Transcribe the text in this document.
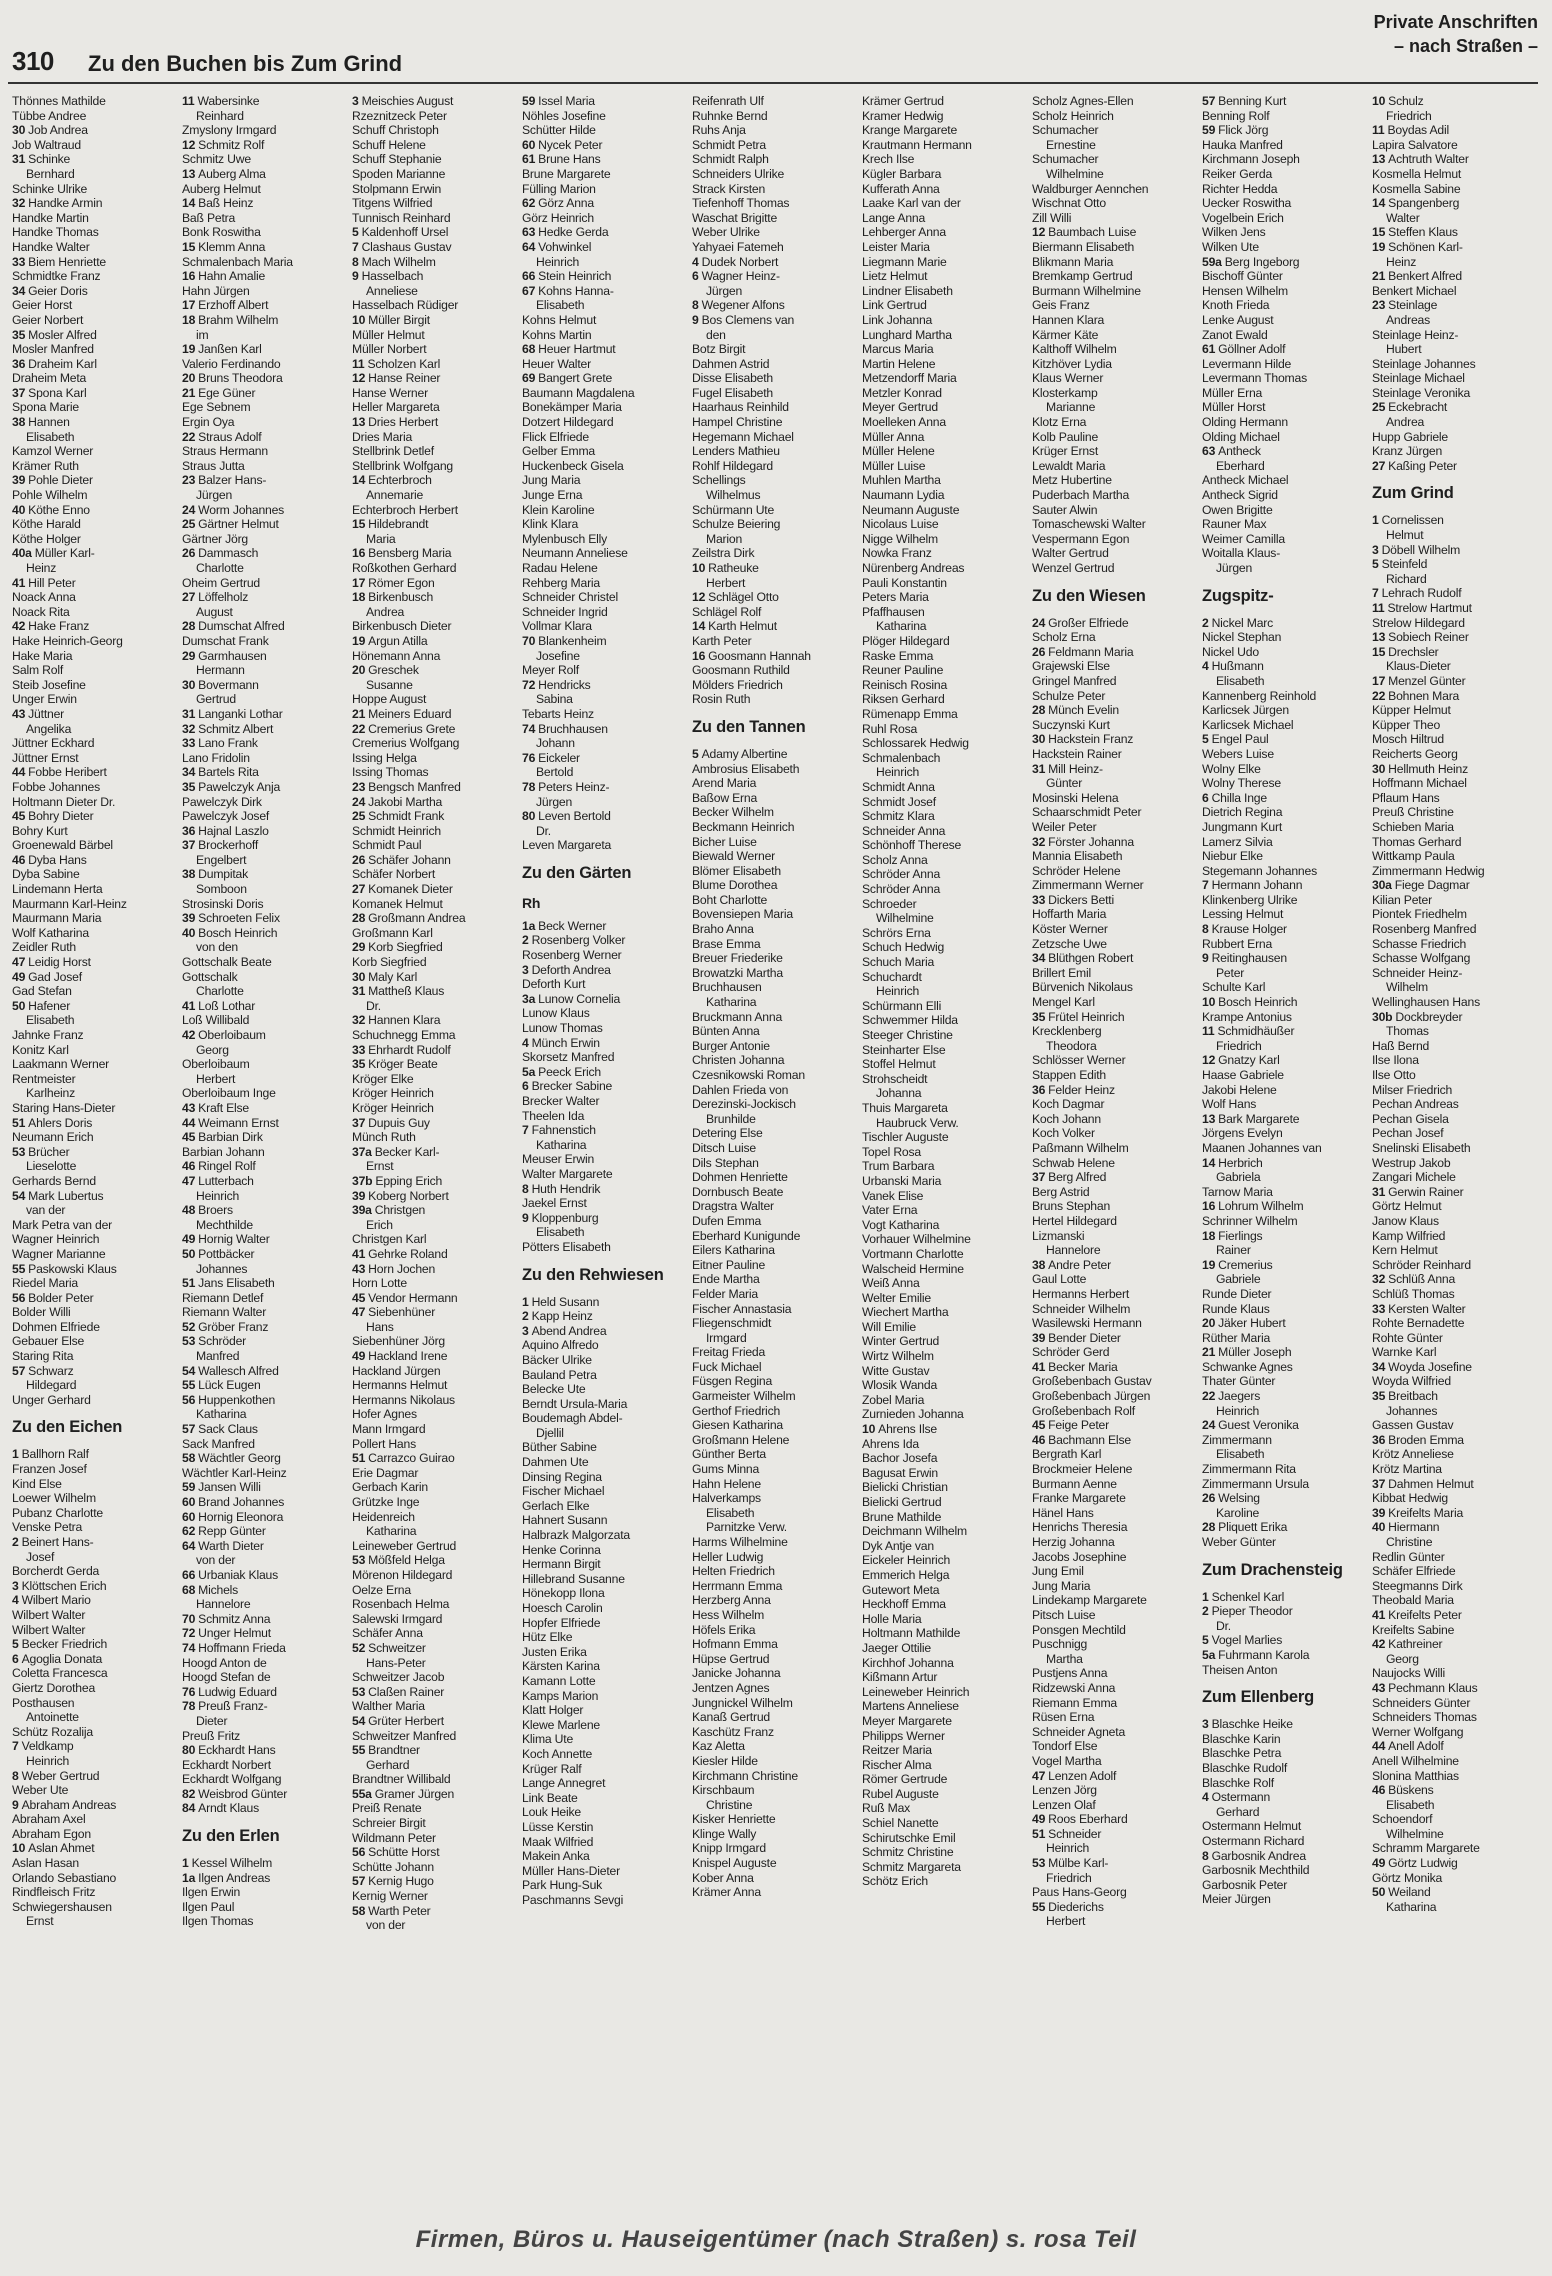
310 Zu den Buchen bis Zum Grind
Private Anschriften
– nach Straßen –
Thönnes Mathilde
Tübbe Andree
30 Job Andrea
Job Waltraud
31 Schinke
Bernhard
Schinke Ulrike
32 Handke Armin
Handke Martin
Handke Thomas
Handke Walter
33 Biem Henriette
Schmidtke Franz
34 Geier Doris
Geier Horst
Geier Norbert
35 Mosler Alfred
Mosler Manfred
36 Draheim Karl
Draheim Meta
37 Spona Karl
Spona Marie
38 Hannen
Elisabeth
Kamzol Werner
Krämer Ruth
39 Pohle Dieter
Pohle Wilhelm
40 Köthe Enno
Köthe Harald
Köthe Holger
40a Müller Karl-
Heinz
41 Hill Peter
Noack Anna
Noack Rita
42 Hake Franz
Hake Heinrich-Georg
Hake Maria
Salm Rolf
Steib Josefine
Unger Erwin
43 Jüttner
Angelika
Jüttner Eckhard
Jüttner Ernst
44 Fobbe Heribert
Fobbe Johannes
Holtmann Dieter Dr.
45 Bohry Dieter
Bohry Kurt
Groenewald Bärbel
46 Dyba Hans
Dyba Sabine
Lindemann Herta
Maurmann Karl-Heinz
Maurmann Maria
Wolf Katharina
Zeidler Ruth
47 Leidig Horst
49 Gad Josef
Gad Stefan
50 Hafener
Elisabeth
Jahnke Franz
Konitz Karl
Laakmann Werner
Rentmeister
Karlheinz
Staring Hans-Dieter
51 Ahlers Doris
Neumann Erich
53 Brücher
Lieselotte
Gerhards Bernd
54 Mark Lubertus
van der
Mark Petra van der
Wagner Heinrich
Wagner Marianne
55 Paskowski Klaus
Riedel Maria
56 Bolder Peter
Bolder Willi
Dohmen Elfriede
Gebauer Else
Staring Rita
57 Schwarz
Hildegard
Unger Gerhard
Zu den Eichen
1 Ballhorn Ralf
Franzen Josef
Kind Else
Loewer Wilhelm
Pubanz Charlotte
Venske Petra
2 Beinert Hans-
Josef
Borcherdt Gerda
3 Klöttschen Erich
4 Wilbert Mario
Wilbert Walter
Wilbert Walter
5 Becker Friedrich
6 Agoglia Donata
Coletta Francesca
Giertz Dorothea
Posthausen
Antoinette
Schütz Rozalija
7 Veldkamp
Heinrich
8 Weber Gertrud
Weber Ute
9 Abraham Andreas
Abraham Axel
Abraham Egon
10 Aslan Ahmet
Aslan Hasan
Orlando Sebastiano
Rindfleisch Fritz
Schwiegershausen
Ernst
11 Wabersinke
Reinhard
Zmyslony Irmgard
12 Schmitz Rolf
Schmitz Uwe
13 Auberg Alma
Auberg Helmut
14 Baß Heinz
Baß Petra
Bonk Roswitha
15 Klemm Anna
Schmalenbach Maria
16 Hahn Amalie
Hahn Jürgen
17 Erzhoff Albert
18 Brahm Wilhelm
im
19 Janßen Karl
Valerio Ferdinando
20 Bruns Theodora
21 Ege Güner
Ege Sebnem
Ergin Oya
22 Straus Adolf
Straus Hermann
Straus Jutta
23 Balzer Hans-
Jürgen
24 Worm Johannes
25 Gärtner Helmut
Gärtner Jörg
26 Dammasch
Charlotte
Oheim Gertrud
27 Löffelholz
August
28 Dumschat Alfred
Dumschat Frank
29 Garmhausen
Hermann
30 Bovermann
Gertrud
31 Langanki Lothar
32 Schmitz Albert
33 Lano Frank
Lano Fridolin
34 Bartels Rita
35 Pawelczyk Anja
Pawelczyk Dirk
Pawelczyk Josef
36 Hajnal Laszlo
37 Brockerhoff
Engelbert
38 Dumpitak
Somboon
Strosinski Doris
39 Schroeten Felix
40 Bosch Heinrich
von den
Gottschalk Beate
Gottschalk
Charlotte
41 Loß Lothar
Loß Willibald
42 Oberloibaum
Georg
Oberloibaum
Herbert
Oberloibaum Inge
43 Kraft Else
44 Weimann Ernst
45 Barbian Dirk
Barbian Johann
46 Ringel Rolf
47 Lutterbach
Heinrich
48 Broers
Mechthilde
49 Hornig Walter
50 Pottbäcker
Johannes
51 Jans Elisabeth
Riemann Detlef
Riemann Walter
52 Gröber Franz
53 Schröder
Manfred
54 Wallesch Alfred
55 Lück Eugen
56 Huppenkothen
Katharina
57 Sack Claus
Sack Manfred
58 Wächtler Georg
Wächtler Karl-Heinz
59 Jansen Willi
60 Brand Johannes
60 Hornig Eleonora
62 Repp Günter
64 Warth Dieter
von der
66 Urbaniak Klaus
68 Michels
Hannelore
70 Schmitz Anna
72 Unger Helmut
74 Hoffmann Frieda
Hoogd Anton de
Hoogd Stefan de
76 Ludwig Eduard
78 Preuß Franz-
Dieter
Preuß Fritz
80 Eckhardt Hans
Eckhardt Norbert
Eckhardt Wolfgang
82 Weisbrod Günter
84 Arndt Klaus
Zu den Erlen
1 Kessel Wilhelm
1a Ilgen Andreas
Ilgen Erwin
Ilgen Paul
Ilgen Thomas
3 Meischies August
Rzeznitzeck Peter
Schuff Christoph
Schuff Helene
Schuff Stephanie
Spoden Marianne
Stolpmann Erwin
Titgens Wilfried
Tunnisch Reinhard
5 Kaldenhoff Ursel
7 Clashaus Gustav
8 Mach Wilhelm
9 Hasselbach
Anneliese
Hasselbach Rüdiger
10 Müller Birgit
Müller Helmut
Müller Norbert
11 Scholzen Karl
12 Hanse Reiner
Hanse Werner
Heller Margareta
13 Dries Herbert
Dries Maria
Stellbrink Detlef
Stellbrink Wolfgang
14 Echterbroch
Annemarie
Echterbroch Herbert
15 Hildebrandt
Maria
16 Bensberg Maria
Roßkothen Gerhard
17 Römer Egon
18 Birkenbusch
Andrea
Birkenbusch Dieter
19 Argun Atilla
Hönemann Anna
20 Greschek
Susanne
Hoppe August
21 Meiners Eduard
22 Cremerius Grete
Cremerius Wolfgang
Issing Helga
Issing Thomas
23 Bengsch Manfred
24 Jakobi Martha
25 Schmidt Frank
Schmidt Heinrich
Schmidt Paul
26 Schäfer Johann
Schäfer Norbert
27 Komanek Dieter
Komanek Helmut
28 Großmann Andrea
Großmann Karl
29 Korb Siegfried
Korb Siegfried
30 Maly Karl
31 Mattheß Klaus
Dr.
32 Hannen Klara
Schuchnegg Emma
33 Ehrhardt Rudolf
35 Kröger Beate
Kröger Elke
Kröger Heinrich
Kröger Heinrich
37 Dupuis Guy
Münch Ruth
37a Becker Karl-
Ernst
37b Epping Erich
39 Koberg Norbert
39a Christgen
Erich
Christgen Karl
41 Gehrke Roland
43 Horn Jochen
Horn Lotte
45 Vendor Hermann
47 Siebenhüner
Hans
Siebenhüner Jörg
49 Hackland Irene
Hackland Jürgen
Hermanns Helmut
Hermanns Nikolaus
Hofer Agnes
Mann Irmgard
Pollert Hans
51 Carrazco Guirao
Erie Dagmar
Gerbach Karin
Grützke Inge
Heidenreich
Katharina
Leineweber Gertrud
53 Mößfeld Helga
Mörenon Hildegard
Oelze Erna
Rosenbach Helma
Salewski Irmgard
Schäfer Anna
52 Schweitzer
Hans-Peter
Schweitzer Jacob
53 Claßen Rainer
Walther Maria
54 Grüter Herbert
Schweitzer Manfred
55 Brandtner
Gerhard
Brandtner Willibald
55a Gramer Jürgen
Preiß Renate
Schreier Birgit
Wildmann Peter
56 Schütte Horst
Schütte Johann
57 Kernig Hugo
Kernig Werner
58 Warth Peter
von der
59 Issel Maria
Nöhles Josefine
Schütter Hilde
60 Nycek Peter
61 Brune Hans
Brune Margarete
Fülling Marion
62 Görz Anna
Görz Heinrich
63 Hedke Gerda
64 Vohwinkel
Heinrich
66 Stein Heinrich
67 Kohns Hanna-
Elisabeth
Kohns Helmut
Kohns Martin
68 Heuer Hartmut
Heuer Walter
69 Bangert Grete
Baumann Magdalena
Bonekämper Maria
Dotzert Hildegard
Flick Elfriede
Gelber Emma
Huckenbeck Gisela
Jung Maria
Junge Erna
Klein Karoline
Klink Klara
Mylenbusch Elly
Neumann Anneliese
Radau Helene
Rehberg Maria
Schneider Christel
Schneider Ingrid
Vollmar Klara
70 Blankenheim
Josefine
Meyer Rolf
72 Hendricks
Sabina
Tebarts Heinz
74 Bruchhausen
Johann
76 Eickeler
Bertold
78 Peters Heinz-
Jürgen
80 Leven Bertold
Dr.
Leven Margareta
Zu den Gärten
Rh
1a Beck Werner
2 Rosenberg Volker
Rosenberg Werner
3 Deforth Andrea
Deforth Kurt
3a Lunow Cornelia
Lunow Klaus
Lunow Thomas
4 Münch Erwin
Skorsetz Manfred
5a Peeck Erich
6 Brecker Sabine
Brecker Walter
Theelen Ida
7 Fahnenstich
Katharina
Meuser Erwin
Walter Margarete
8 Huth Hendrik
Jaekel Ernst
9 Kloppenburg
Elisabeth
Pötters Elisabeth
Zu den Rehwiesen
1 Held Susann
2 Kapp Heinz
3 Abend Andrea
Aquino Alfredo
Bäcker Ulrike
Bauland Petra
Belecke Ute
Berndt Ursula-Maria
Boudemagh Abdel-
Djellil
Büther Sabine
Dahmen Ute
Dinsing Regina
Fischer Michael
Gerlach Elke
Hahnert Susann
Halbrazk Malgorzata
Henke Corinna
Hermann Birgit
Hillebrand Susanne
Hönekopp Ilona
Hoesch Carolin
Hopfer Elfriede
Hütz Elke
Justen Erika
Kärsten Karina
Kamann Lotte
Kamps Marion
Klatt Holger
Klewe Marlene
Klima Ute
Koch Annette
Krüger Ralf
Lange Annegret
Link Beate
Louk Heike
Lüsse Kerstin
Maak Wilfried
Makein Anka
Müller Hans-Dieter
Park Hung-Suk
Paschmanns Sevgi
Reifenrath Ulf
Ruhnke Bernd
Ruhs Anja
Schmidt Petra
Schmidt Ralph
Schneiders Ulrike
Strack Kirsten
Tiefenhoff Thomas
Waschat Brigitte
Weber Ulrike
Yahyaei Fatemeh
4 Dudek Norbert
6 Wagner Heinz-
Jürgen
8 Wegener Alfons
9 Bos Clemens van
den
Botz Birgit
Dahmen Astrid
Disse Elisabeth
Fugel Elisabeth
Haarhaus Reinhild
Hampel Christine
Hegemann Michael
Lenders Mathieu
Rohlf Hildegard
Schellings
Wilhelmus
Schürmann Ute
Schulze Beiering
Marion
Zeilstra Dirk
10 Ratheuke
Herbert
12 Schlägel Otto
Schlägel Rolf
14 Karth Helmut
Karth Peter
16 Goosmann Hannah
Goosmann Ruthild
Mölders Friedrich
Rosin Ruth
Zu den Tannen
5 Adamy Albertine
Ambrosius Elisabeth
Arend Maria
Baßow Erna
Becker Wilhelm
Beckmann Heinrich
Bicher Luise
Biewald Werner
Blömer Elisabeth
Blume Dorothea
Boht Charlotte
Bovensiepen Maria
Braho Anna
Brase Emma
Breuer Friederike
Browatzki Martha
Bruchhausen
Katharina
Bruckmann Anna
Bünten Anna
Burger Antonie
Christen Johanna
Czesnikowski Roman
Dahlen Frieda von
Derezinski-Jockisch
Brunhilde
Detering Else
Ditsch Luise
Dils Stephan
Dohmen Henriette
Dornbusch Beate
Dragstra Walter
Dufen Emma
Eberhard Kunigunde
Eilers Katharina
Eitner Pauline
Ende Martha
Felder Maria
Fischer Annastasia
Fliegenschmidt
Irmgard
Freitag Frieda
Fuck Michael
Füsgen Regina
Garmeister Wilhelm
Gerthof Friedrich
Giesen Katharina
Großmann Helene
Günther Berta
Gums Minna
Hahn Helene
Halverkamps
Elisabeth
Parnitzke Verw.
Harms Wilhelmine
Heller Ludwig
Helten Friedrich
Herrmann Emma
Herzberg Anna
Hess Wilhelm
Höfels Erika
Hofmann Emma
Hüpse Gertrud
Janicke Johanna
Jentzen Agnes
Jungnickel Wilhelm
Kanaß Gertrud
Kaschütz Franz
Kaz Aletta
Kiesler Hilde
Kirchmann Christine
Kirschbaum
Christine
Kisker Henriette
Klinge Wally
Knipp Irmgard
Knispel Auguste
Kober Anna
Krämer Anna
Krämer Gertrud
Kramer Hedwig
Krange Margarete
Krautmann Hermann
Krech Ilse
Kügler Barbara
Kufferath Anna
Laake Karl van der
Lange Anna
Lehberger Anna
Leister Maria
Liegmann Marie
Lietz Helmut
Lindner Elisabeth
Link Gertrud
Link Johanna
Lunghard Martha
Marcus Maria
Martin Helene
Metzendorff Maria
Metzler Konrad
Meyer Gertrud
Moelleken Anna
Müller Anna
Müller Helene
Müller Luise
Muhlen Martha
Naumann Lydia
Neumann Auguste
Nicolaus Luise
Nigge Wilhelm
Nowka Franz
Nürenberg Andreas
Pauli Konstantin
Peters Maria
Pfaffhausen
Katharina
Plöger Hildegard
Raske Emma
Reuner Pauline
Reinisch Rosina
Riksen Gerhard
Rümenapp Emma
Ruhl Rosa
Schlossarek Hedwig
Schmalenbach
Heinrich
Schmidt Anna
Schmidt Josef
Schmitz Klara
Schneider Anna
Schönhoff Therese
Scholz Anna
Schröder Anna
Schröder Anna
Schroeder
Wilhelmine
Schrörs Erna
Schuch Hedwig
Schuch Maria
Schuchardt
Heinrich
Schürmann Elli
Schwemmer Hilda
Steeger Christine
Steinharter Else
Stoffel Helmut
Strohscheidt
Johanna
Thuis Margareta
Haubruck Verw.
Tischler Auguste
Topel Rosa
Trum Barbara
Urbanski Maria
Vanek Elise
Vater Erna
Vogt Katharina
Vorhauer Wilhelmine
Vortmann Charlotte
Walscheid Hermine
Weiß Anna
Welter Emilie
Wiechert Martha
Will Emilie
Winter Gertrud
Wirtz Wilhelm
Witte Gustav
Wlosik Wanda
Zobel Maria
Zurnieden Johanna
10 Ahrens Ilse
Ahrens Ida
Bachor Josefa
Bagusat Erwin
Bielicki Christian
Bielicki Gertrud
Brune Mathilde
Deichmann Wilhelm
Dyk Antje van
Eickeler Heinrich
Emmerich Helga
Gutewort Meta
Heckhoff Emma
Holle Maria
Holtmann Mathilde
Jaeger Ottilie
Kirchhof Johanna
Kißmann Artur
Leineweber Heinrich
Martens Anneliese
Meyer Margarete
Philipps Werner
Reitzer Maria
Rischer Alma
Römer Gertrude
Rubel Auguste
Ruß Max
Schiel Nanette
Schirutschke Emil
Schmitz Christine
Schmitz Margareta
Schötz Erich
Scholz Agnes-Ellen
Scholz Heinrich
Schumacher
Ernestine
Schumacher
Wilhelmine
Waldburger Aennchen
Wischnat Otto
Zill Willi
12 Baumbach Luise
Biermann Elisabeth
Blikmann Maria
Bremkamp Gertrud
Burmann Wilhelmine
Geis Franz
Hannen Klara
Kärmer Käte
Kalthoff Wilhelm
Kitzhöver Lydia
Klaus Werner
Klosterkamp
Marianne
Klotz Erna
Kolb Pauline
Krüger Ernst
Lewaldt Maria
Metz Hubertine
Puderbach Martha
Sauter Alwin
Tomaschewski Walter
Vespermann Egon
Walter Gertrud
Wenzel Gertrud
Zu den Wiesen
24 Großer Elfriede
Scholz Erna
26 Feldmann Maria
Grajewski Else
Gringel Manfred
Schulze Peter
28 Münch Evelin
Suczynski Kurt
30 Hackstein Franz
Hackstein Rainer
31 Mill Heinz-
Günter
Mosinski Helena
Schaarschmidt Peter
Weiler Peter
32 Förster Johanna
Mannia Elisabeth
Schröder Helene
Zimmermann Werner
33 Dickers Betti
Hoffarth Maria
Köster Werner
Zetzsche Uwe
34 Blüthgen Robert
Brillert Emil
Bürvenich Nikolaus
Mengel Karl
35 Frütel Heinrich
Krecklenberg
Theodora
Schlösser Werner
Stappen Edith
36 Felder Heinz
Koch Dagmar
Koch Johann
Koch Volker
Paßmann Wilhelm
Schwab Helene
37 Berg Alfred
Berg Astrid
Bruns Stephan
Hertel Hildegard
Lizmanski
Hannelore
38 Andre Peter
Gaul Lotte
Hermanns Herbert
Schneider Wilhelm
Wasilewski Hermann
39 Bender Dieter
Schröder Gerd
41 Becker Maria
Großebenbach Gustav
Großebenbach Jürgen
Großebenbach Rolf
45 Feige Peter
46 Bachmann Else
Bergrath Karl
Brockmeier Helene
Burmann Aenne
Franke Margarete
Hänel Hans
Henrichs Theresia
Herzig Johanna
Jacobs Josephine
Jung Emil
Jung Maria
Lindekamp Margarete
Pitsch Luise
Ponsgen Mechtild
Puschnigg
Martha
Pustjens Anna
Ridzewski Anna
Riemann Emma
Rüsen Erna
Schneider Agneta
Tondorf Else
Vogel Martha
47 Lenzen Adolf
Lenzen Jörg
Lenzen Olaf
49 Roos Eberhard
51 Schneider
Heinrich
53 Mülbe Karl-
Friedrich
Paus Hans-Georg
55 Diederichs
Herbert
57 Benning Kurt
Benning Rolf
59 Flick Jörg
Hauka Manfred
Kirchmann Joseph
Reiker Gerda
Richter Hedda
Uecker Roswitha
Vogelbein Erich
Wilken Jens
Wilken Ute
59a Berg Ingeborg
Bischoff Günter
Hensen Wilhelm
Knoth Frieda
Lenke August
Zanot Ewald
61 Göllner Adolf
Levermann Hilde
Levermann Thomas
Müller Erna
Müller Horst
Olding Hermann
Olding Michael
63 Antheck
Eberhard
Antheck Michael
Antheck Sigrid
Owen Brigitte
Rauner Max
Weimer Camilla
Woitalla Klaus-
Jürgen
Zugspitz-
2 Nickel Marc
Nickel Stephan
Nickel Udo
4 Hußmann
Elisabeth
Kannenberg Reinhold
Karlicsek Jürgen
Karlicsek Michael
5 Engel Paul
Webers Luise
Wolny Elke
Wolny Therese
6 Chilla Inge
Dietrich Regina
Jungmann Kurt
Lamerz Silvia
Niebur Elke
Stegemann Johannes
7 Hermann Johann
Klinkenberg Ulrike
Lessing Helmut
8 Krause Holger
Rubbert Erna
9 Reitinghausen
Peter
Schulte Karl
10 Bosch Heinrich
Krampe Antonius
11 Schmidhäußer
Friedrich
12 Gnatzy Karl
Haase Gabriele
Jakobi Helene
Wolf Hans
13 Bark Margarete
Jörgens Evelyn
Maanen Johannes van
14 Herbrich
Gabriela
Tarnow Maria
16 Lohrum Wilhelm
Schrinner Wilhelm
18 Fierlings
Rainer
19 Cremerius
Gabriele
Runde Dieter
Runde Klaus
20 Jäker Hubert
Rüther Maria
21 Müller Joseph
Schwanke Agnes
Thater Günter
22 Jaegers
Heinrich
24 Guest Veronika
Zimmermann
Elisabeth
Zimmermann Rita
Zimmermann Ursula
26 Welsing
Karoline
28 Pliquett Erika
Weber Günter
Zum Drachensteig
1 Schenkel Karl
2 Pieper Theodor
Dr.
5 Vogel Marlies
5a Fuhrmann Karola
Theisen Anton
Zum Ellenberg
3 Blaschke Heike
Blaschke Karin
Blaschke Petra
Blaschke Rudolf
Blaschke Rolf
4 Ostermann
Gerhard
Ostermann Helmut
Ostermann Richard
8 Garbosnik Andrea
Garbosnik Mechthild
Garbosnik Peter
Meier Jürgen
10 Schulz
Friedrich
11 Boydas Adil
Lapira Salvatore
13 Achtruth Walter
Kosmella Helmut
Kosmella Sabine
14 Spangenberg
Walter
15 Steffen Klaus
19 Schönen Karl-
Heinz
21 Benkert Alfred
Benkert Michael
23 Steinlage
Andreas
Steinlage Heinz-
Hubert
Steinlage Johannes
Steinlage Michael
Steinlage Veronika
25 Eckebracht
Andrea
Hupp Gabriele
Kranz Jürgen
27 Kaßing Peter
Zum Grind
1 Cornelissen
Helmut
3 Döbell Wilhelm
5 Steinfeld
Richard
7 Lehrach Rudolf
11 Strelow Hartmut
Strelow Hildegard
13 Sobiech Reiner
15 Drechsler
Klaus-Dieter
17 Menzel Günter
22 Bohnen Mara
Küpper Helmut
Küpper Theo
Mosch Hiltrud
Reicherts Georg
30 Hellmuth Heinz
Hoffmann Michael
Pflaum Hans
Preuß Christine
Schieben Maria
Thomas Gerhard
Wittkamp Paula
Zimmermann Hedwig
30a Fiege Dagmar
Kilian Peter
Piontek Friedhelm
Rosenberg Manfred
Schasse Friedrich
Schasse Wolfgang
Schneider Heinz-
Wilhelm
Wellinghausen Hans
30b Dockbreyder
Thomas
Haß Bernd
Ilse Ilona
Ilse Otto
Milser Friedrich
Pechan Andreas
Pechan Gisela
Pechan Josef
Snelinski Elisabeth
Westrup Jakob
Zangari Michele
31 Gerwin Rainer
Görtz Helmut
Janow Klaus
Kamp Wilfried
Kern Helmut
Schröder Reinhard
32 Schlüß Anna
Schlüß Thomas
33 Kersten Walter
Rohte Bernadette
Rohte Günter
Warnke Karl
34 Woyda Josefine
Woyda Wilfried
35 Breitbach
Johannes
Gassen Gustav
36 Broden Emma
Krötz Anneliese
Krötz Martina
37 Dahmen Helmut
Kibbat Hedwig
39 Kreifelts Maria
40 Hiermann
Christine
Redlin Günter
Schäfer Elfriede
Steegmanns Dirk
Theobald Maria
41 Kreifelts Peter
Kreifelts Sabine
42 Kathreiner
Georg
Naujocks Willi
43 Pechmann Klaus
Schneiders Günter
Schneiders Thomas
Werner Wolfgang
44 Anell Adolf
Anell Wilhelmine
Slonina Matthias
46 Büskens
Elisabeth
Schoendorf
Wilhelmine
Schramm Margarete
49 Görtz Ludwig
Görtz Monika
50 Weiland
Katharina
Firmen, Büros u. Hauseigentümer (nach Straßen) s. rosa Teil
